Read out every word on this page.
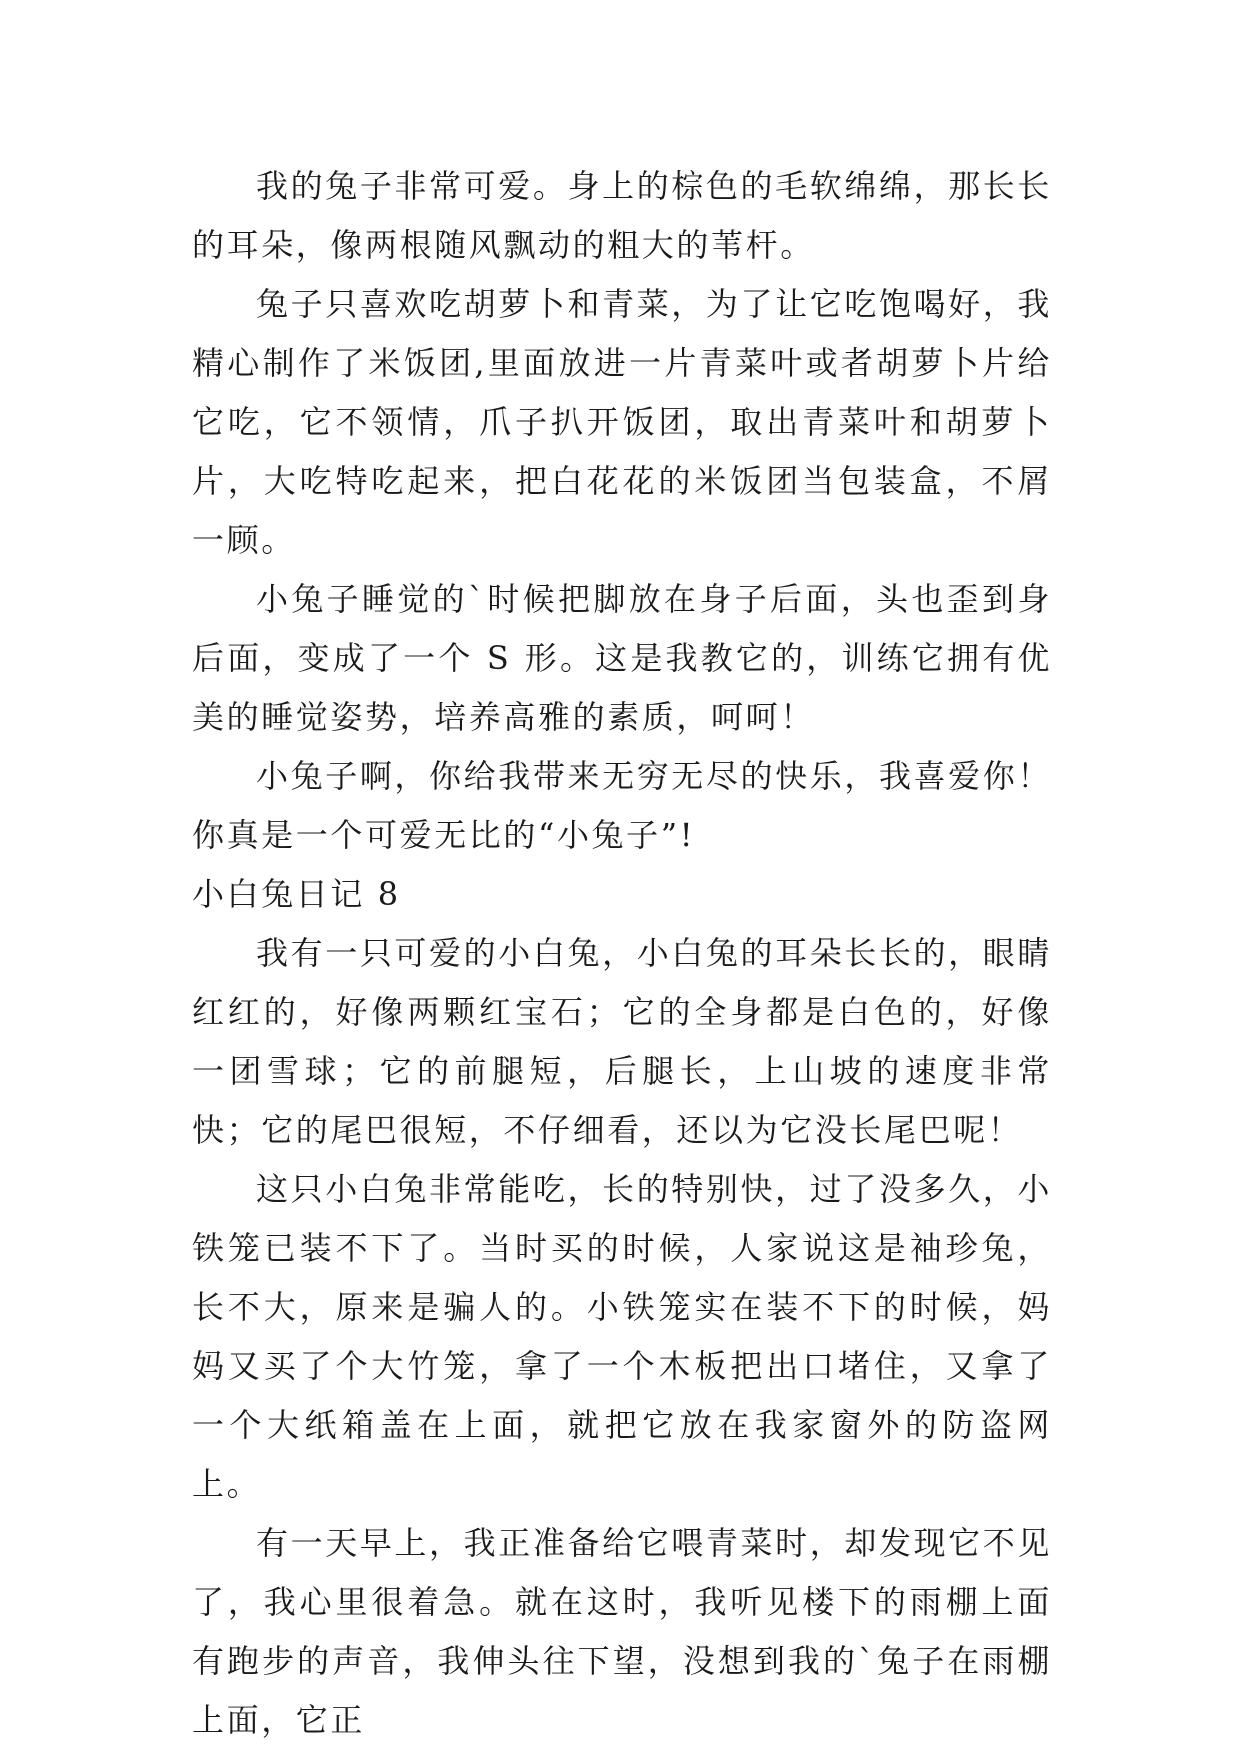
我的兔子非常可爱。身上的棕色的毛软绵绵，那长长的耳朵，像两根随风飘动的粗大的苇杆。

兔子只喜欢吃胡萝卜和青菜，为了让它吃饱喝好，我精心制作了米饭团,里面放进一片青菜叶或者胡萝卜片给它吃，它不领情，爪子扒开饭团，取出青菜叶和胡萝卜片，大吃特吃起来，把白花花的米饭团当包装盒，不屑一顾。

小兔子睡觉的`时候把脚放在身子后面，头也歪到身后面，变成了一个 S 形。这是我教它的，训练它拥有优美的睡觉姿势，培养高雅的素质，呵呵！

小兔子啊，你给我带来无穷无尽的快乐，我喜爱你！你真是一个可爱无比的“小兔子”!

小白兔日记 8

我有一只可爱的小白兔，小白兔的耳朵长长的，眼睛红红的，好像两颗红宝石；它的全身都是白色的，好像一团雪球；它的前腿短，后腿长，上山坡的速度非常快；它的尾巴很短，不仔细看，还以为它没长尾巴呢！

这只小白兔非常能吃，长的特别快，过了没多久，小铁笼已装不下了。当时买的时候，人家说这是袖珍兔，长不大，原来是骗人的。小铁笼实在装不下的时候，妈妈又买了个大竹笼，拿了一个木板把出口堵住，又拿了一个大纸箱盖在上面，就把它放在我家窗外的防盗网上。

有一天早上，我正准备给它喂青菜时，却发现它不见了，我心里很着急。就在这时，我听见楼下的雨棚上面有跑步的声音，我伸头往下望，没想到我的`兔子在雨棚上面，它正
